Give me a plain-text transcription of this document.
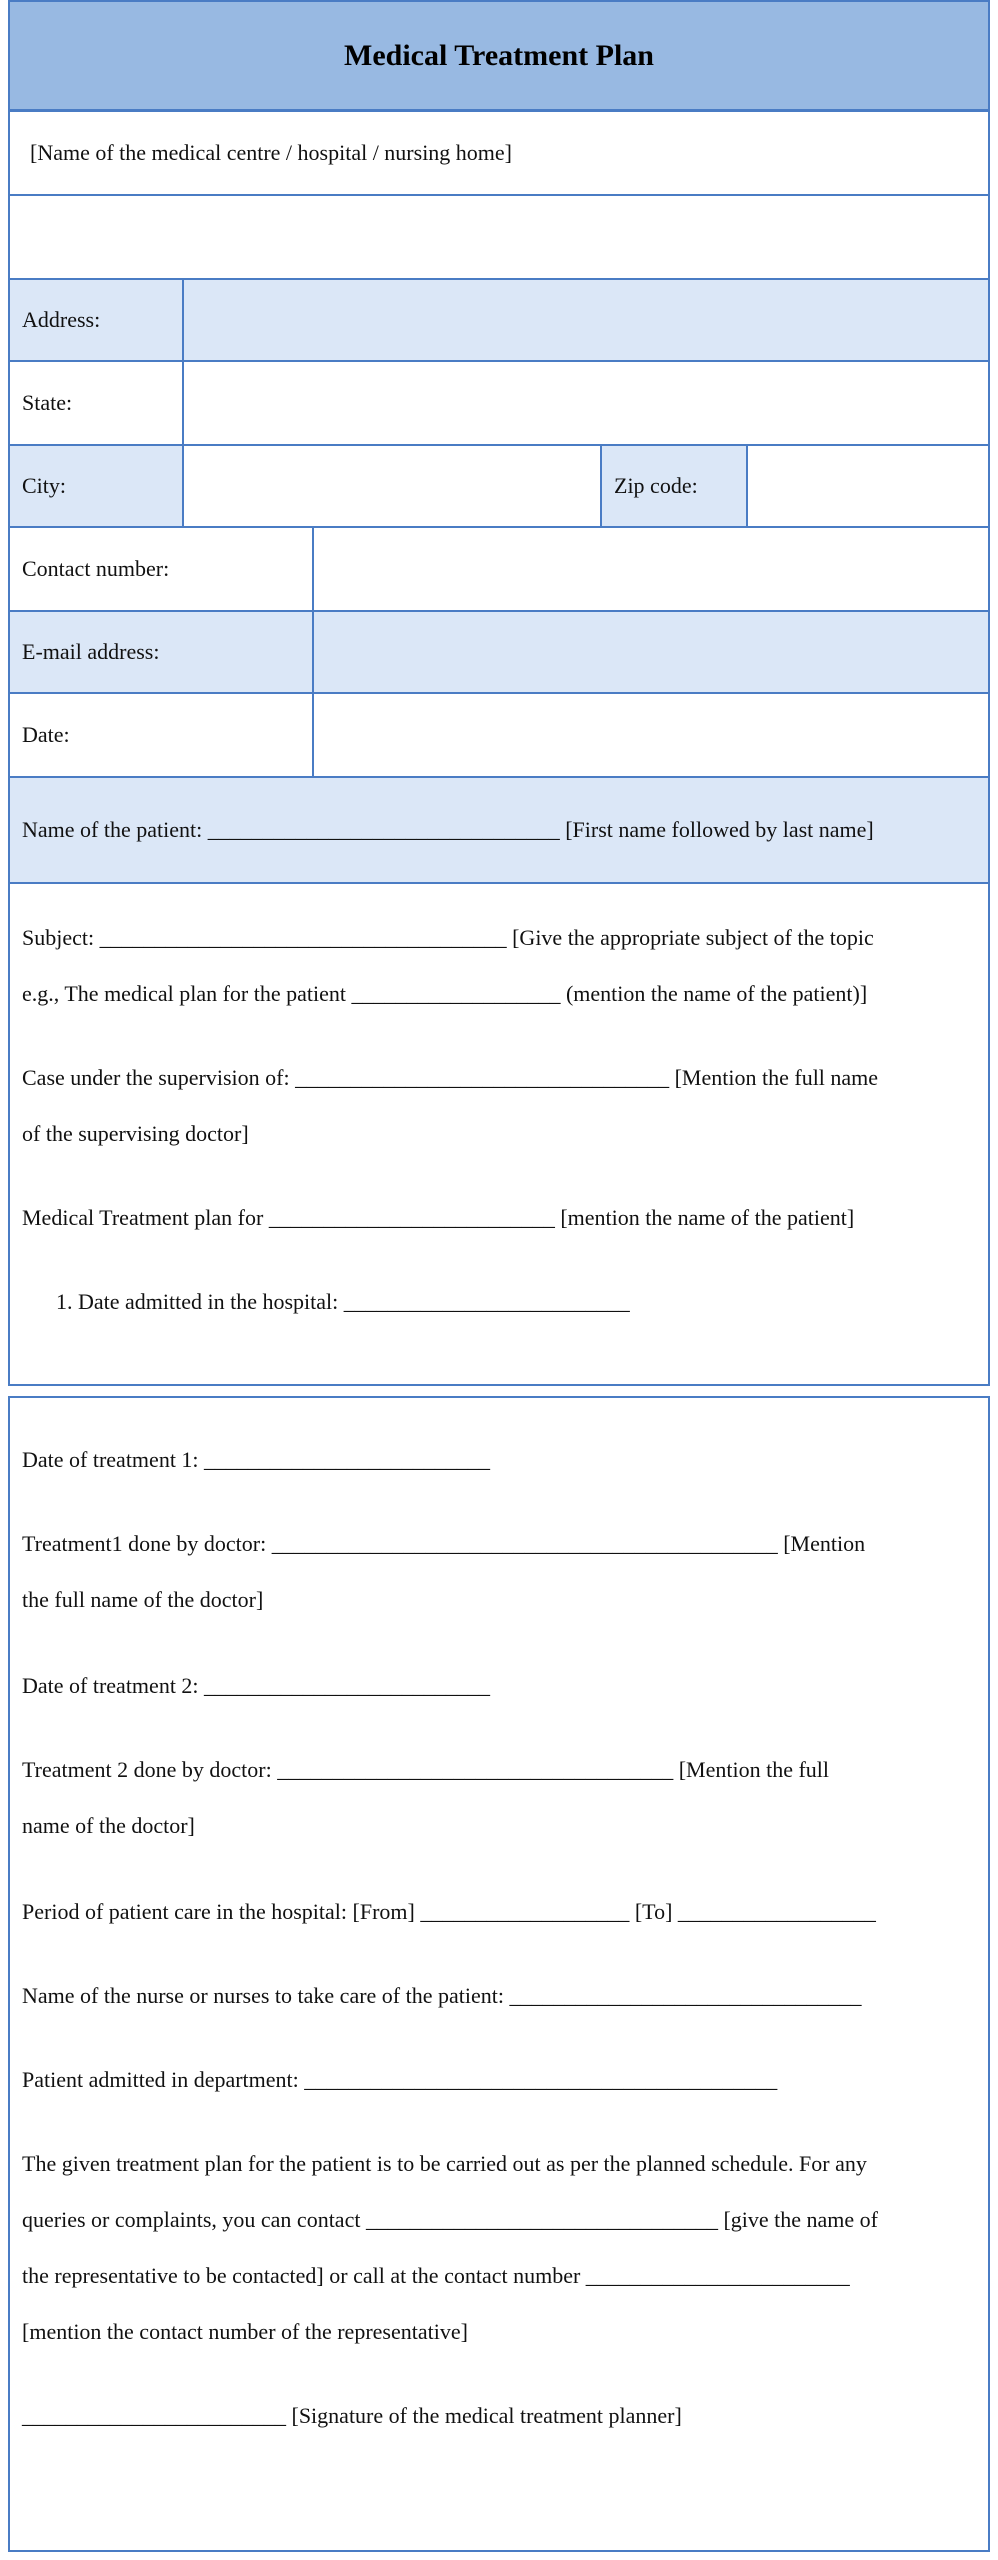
Medical Treatment Plan
[Name of the medical centre / hospital / nursing home]
Address:
State:
City:	Zip code:
Contact number:
E-mail address:
Date:
Name of the patient: ________________________________ [First name followed by last name]
Subject: _____________________________________ [Give the appropriate subject of the topic
e.g., The medical plan for the patient ___________________ (mention the name of the patient)]
Case under the supervision of: __________________________________ [Mention the full name
of the supervising doctor]
Medical Treatment plan for __________________________ [mention the name of the patient]
1. Date admitted in the hospital: __________________________
Date of treatment 1: __________________________
Treatment1 done by doctor: ______________________________________________ [Mention
the full name of the doctor]
Date of treatment 2: __________________________
Treatment 2 done by doctor: ____________________________________ [Mention the full
name of the doctor]
Period of patient care in the hospital: [From] ___________________ [To] __________________
Name of the nurse or nurses to take care of the patient: ________________________________
Patient admitted in department: ___________________________________________
The given treatment plan for the patient is to be carried out as per the planned schedule. For any
queries or complaints, you can contact ________________________________ [give the name of
the representative to be contacted] or call at the contact number ________________________
[mention the contact number of the representative]
________________________ [Signature of the medical treatment planner]
